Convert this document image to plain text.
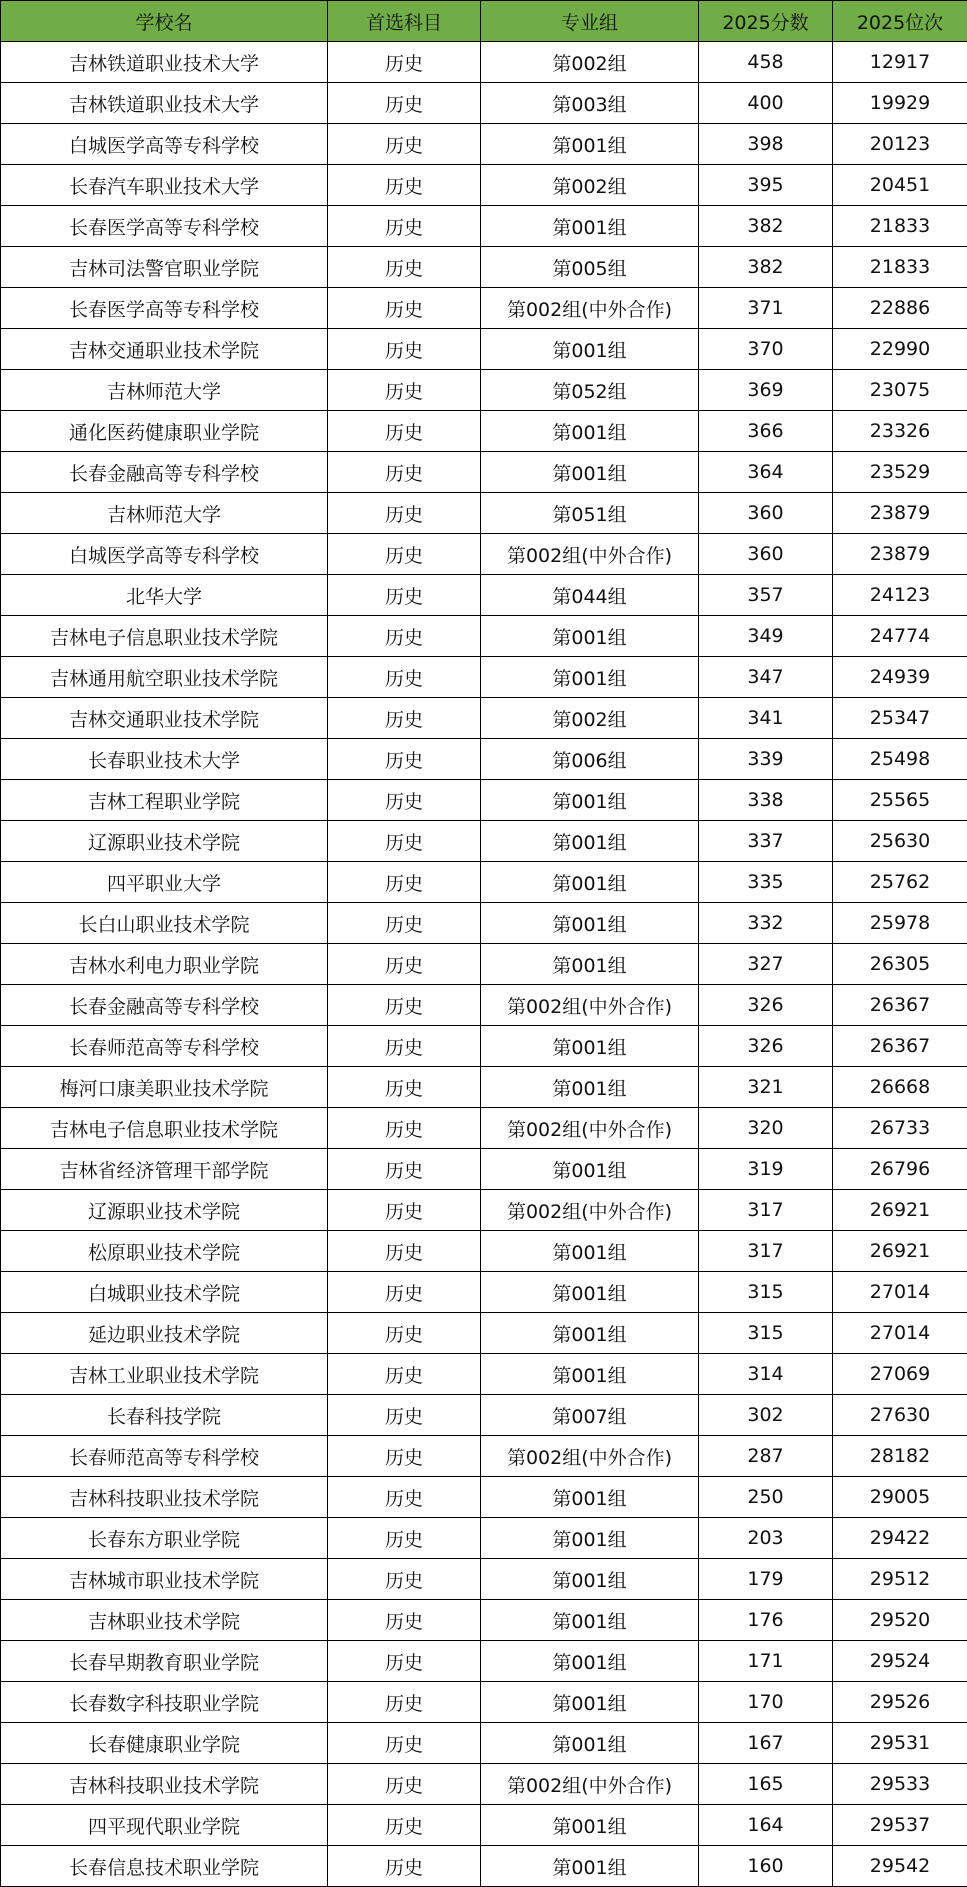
学校名	首选科目	专业组	2025分数	2025位次
吉林铁道职业技术大学	历史	第002组	458	12917
吉林铁道职业技术大学	历史	第003组	400	19929
白城医学高等专科学校	历史	第001组	398	20123
长春汽车职业技术大学	历史	第002组	395	20451
长春医学高等专科学校	历史	第001组	382	21833
吉林司法警官职业学院	历史	第005组	382	21833
长春医学高等专科学校	历史	第002组(中外合作)	371	22886
吉林交通职业技术学院	历史	第001组	370	22990
吉林师范大学	历史	第052组	369	23075
通化医药健康职业学院	历史	第001组	366	23326
长春金融高等专科学校	历史	第001组	364	23529
吉林师范大学	历史	第051组	360	23879
白城医学高等专科学校	历史	第002组(中外合作)	360	23879
北华大学	历史	第044组	357	24123
吉林电子信息职业技术学院	历史	第001组	349	24774
吉林通用航空职业技术学院	历史	第001组	347	24939
吉林交通职业技术学院	历史	第002组	341	25347
长春职业技术大学	历史	第006组	339	25498
吉林工程职业学院	历史	第001组	338	25565
辽源职业技术学院	历史	第001组	337	25630
四平职业大学	历史	第001组	335	25762
长白山职业技术学院	历史	第001组	332	25978
吉林水利电力职业学院	历史	第001组	327	26305
长春金融高等专科学校	历史	第002组(中外合作)	326	26367
长春师范高等专科学校	历史	第001组	326	26367
梅河口康美职业技术学院	历史	第001组	321	26668
吉林电子信息职业技术学院	历史	第002组(中外合作)	320	26733
吉林省经济管理干部学院	历史	第001组	319	26796
辽源职业技术学院	历史	第002组(中外合作)	317	26921
松原职业技术学院	历史	第001组	317	26921
白城职业技术学院	历史	第001组	315	27014
延边职业技术学院	历史	第001组	315	27014
吉林工业职业技术学院	历史	第001组	314	27069
长春科技学院	历史	第007组	302	27630
长春师范高等专科学校	历史	第002组(中外合作)	287	28182
吉林科技职业技术学院	历史	第001组	250	29005
长春东方职业学院	历史	第001组	203	29422
吉林城市职业技术学院	历史	第001组	179	29512
吉林职业技术学院	历史	第001组	176	29520
长春早期教育职业学院	历史	第001组	171	29524
长春数字科技职业学院	历史	第001组	170	29526
长春健康职业学院	历史	第001组	167	29531
吉林科技职业技术学院	历史	第002组(中外合作)	165	29533
四平现代职业学院	历史	第001组	164	29537
长春信息技术职业学院	历史	第001组	160	29542
